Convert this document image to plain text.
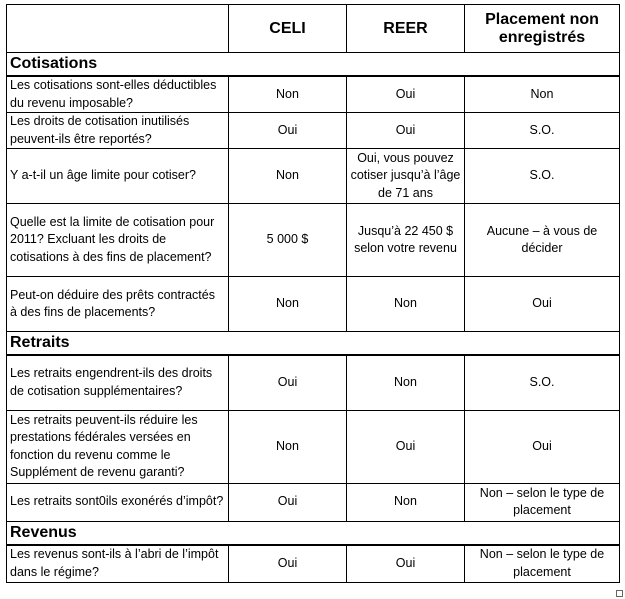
	CELI	REER	Placement non enregistrés
Cotisations			
Les cotisations sont-elles déductibles du revenu imposable?	Non	Oui	Non
Les droits de cotisation inutilisés peuvent-ils être reportés?	Oui	Oui	S.O.
Y a-t-il un âge limite pour cotiser?	Non	Oui, vous pouvez cotiser jusqu’à l’âge de 71 ans	S.O.
Quelle est la limite de cotisation pour 2011? Excluant les droits de cotisations à des fins de placement?	5 000 $	Jusqu’à 22 450 $ selon votre revenu	Aucune – à vous de décider
Peut-on déduire des prêts contractés à des fins de placements?	Non	Non	Oui
Retraits			
Les retraits engendrent-ils des droits de cotisation supplémentaires?	Oui	Non	S.O.
Les retraits peuvent-ils réduire les prestations fédérales versées en fonction du revenu comme le Supplément de revenu garanti?	Non	Oui	Oui
Les retraits sont0ils exonérés d’impôt?	Oui	Non	Non – selon le type de placement
Revenus			
Les revenus sont-ils à l’abri de l’impôt dans le régime?	Oui	Oui	Non – selon le type de placement
